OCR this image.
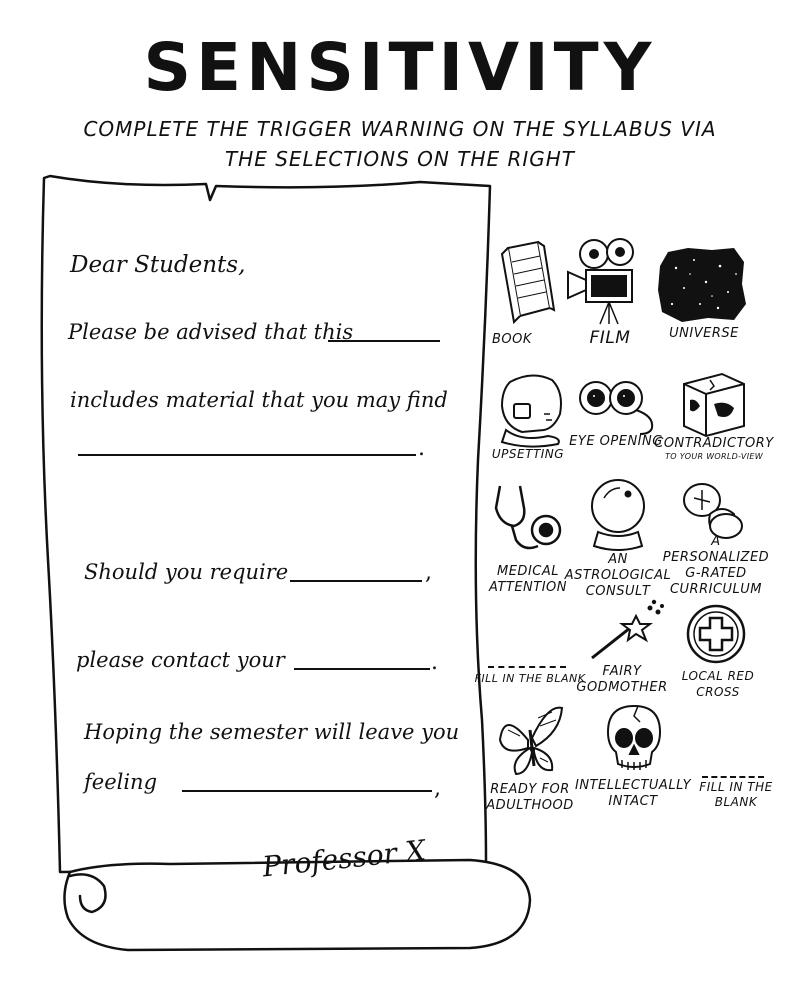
SENSITIVITY
COMPLETE THE TRIGGER WARNING ON THE SYLLABUS VIA
THE SELECTIONS ON THE RIGHT
Dear Students,
Please be advised that this
includes material that you may find
.
Should you require	,
please contact your	.
Hoping the semester will leave you
feeling	,
Professor X
BOOK	FILM	UNIVERSE
UPSETTING
EYE OPENING
CONTRADICTORY
TO YOUR WORLD-VIEW
MEDICAL ATTENTION
AN ASTROLOGICAL CONSULT
A PERSONALIZED G-RATED CURRICULUM
FILL IN THE BLANK	FAIRY GODMOTHER
LOCAL RED CROSS
READY FOR ADULTHOOD
INTELLECTUALLY INTACT
FILL IN THE BLANK
